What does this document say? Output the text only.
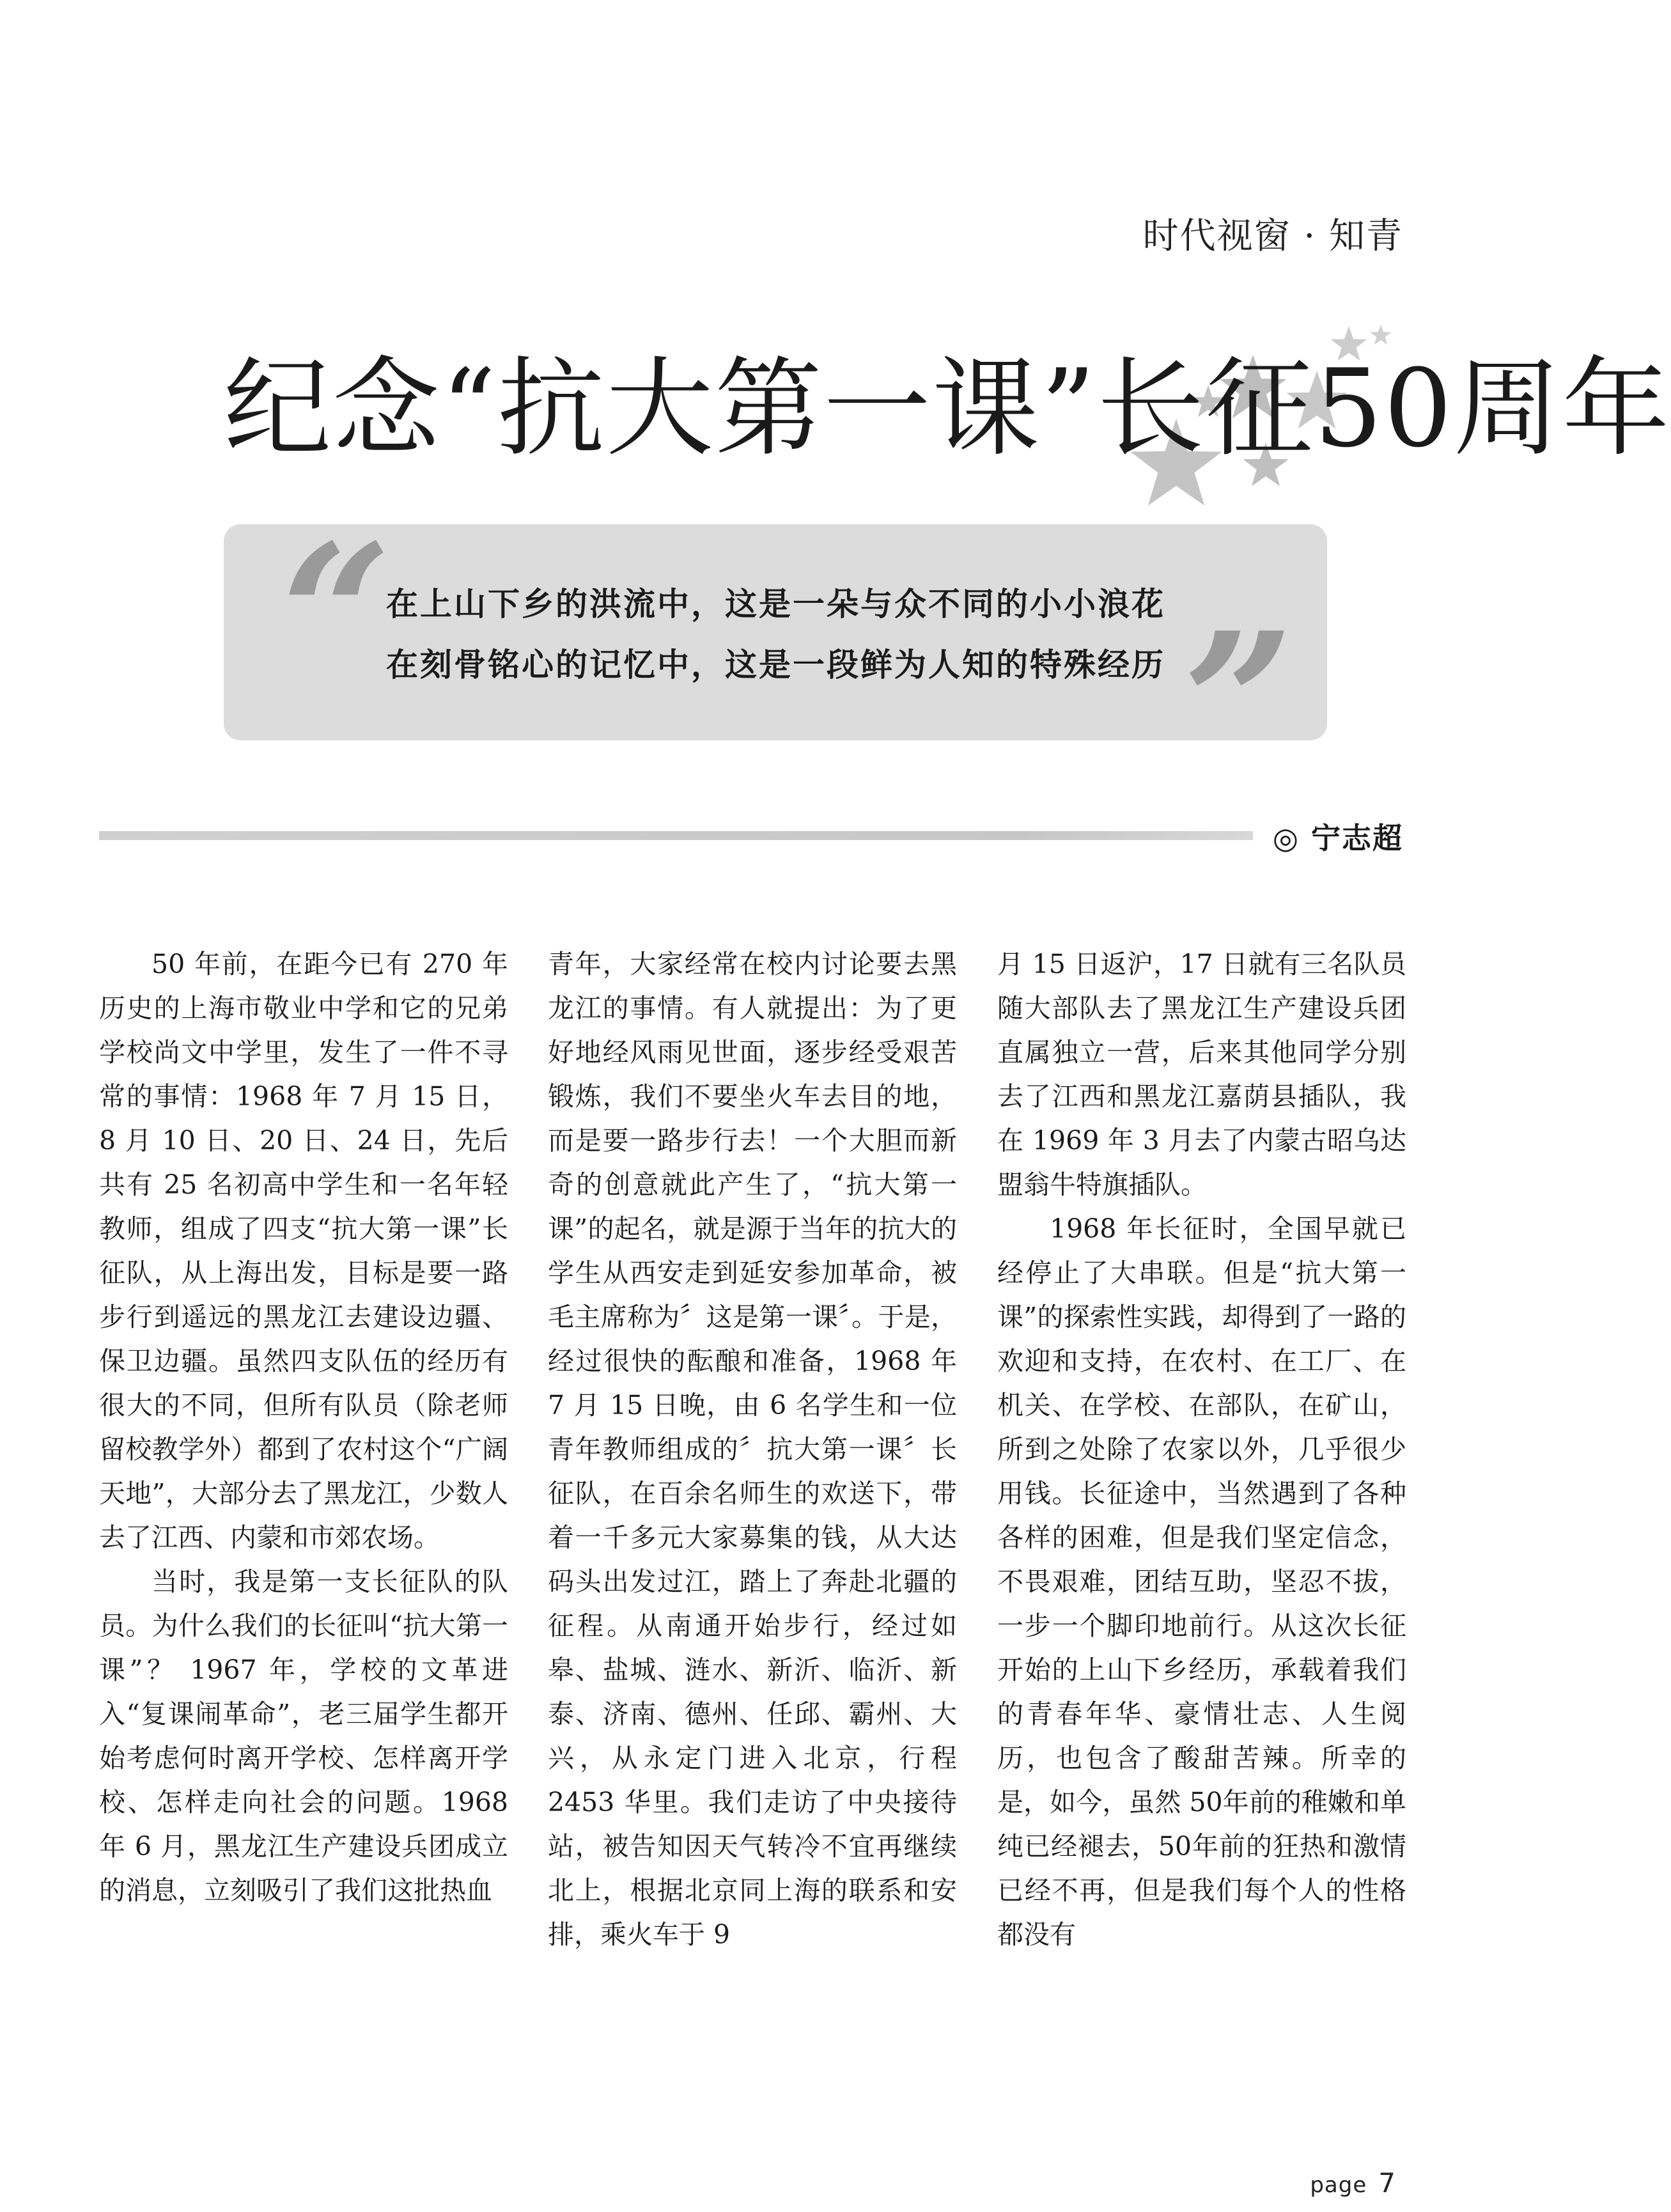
时代视窗 · 知青
纪念“抗大第一课”长征50周年
“
在上山下乡的洪流中，这是一朵与众不同的小小浪花
在刻骨铭心的记忆中，这是一段鲜为人知的特殊经历 ”
◎ 宁志超

50 年前，在距今已有 270 年历史的上海市敬业中学和它的兄弟学校尚文中学里，发生了一件不寻常的事情：1968 年 7 月 15 日，8 月 10 日、20 日、24 日，先后共有 25 名初高中学生和一名年轻教师，组成了四支“抗大第一课”长征队，从上海出发，目标是要一路步行到遥远的黑龙江去建设边疆、保卫边疆。虽然四支队伍的经历有很大的不同，但所有队员（除老师留校教学外）都到了农村这个“广阔天地”，大部分去了黑龙江，少数人去了江西、内蒙和市郊农场。

当时，我是第一支长征队的队员。为什么我们的长征叫“抗大第一课”？ 1967 年，学校的文革进入“复课闹革命”，老三届学生都开始考虑何时离开学校、怎样离开学校、怎样走向社会的问题。1968 年 6 月，黑龙江生产建设兵团成立的消息，立刻吸引了我们这批热血

青年，大家经常在校内讨论要去黑龙江的事情。有人就提出：为了更好地经风雨见世面，逐步经受艰苦锻炼，我们不要坐火车去目的地，而是要一路步行去！一个大胆而新奇的创意就此产生了，“抗大第一课”的起名，就是源于当年的抗大的学生从西安走到延安参加革命，被毛主席称为〞这是第一课〞。于是，经过很快的酝酿和准备，1968 年 7 月 15 日晚，由 6 名学生和一位青年教师组成的〞抗大第一课〞长征队，在百余名师生的欢送下，带着一千多元大家募集的钱，从大达码头出发过江，踏上了奔赴北疆的征程。从南通开始步行，经过如皋、盐城、涟水、新沂、临沂、新泰、济南、德州、任邱、霸州、大兴，从永定门进入北京，行程 2453 华里。我们走访了中央接待站，被告知因天气转冷不宜再继续北上，根据北京同上海的联系和安排，乘火车于 9

月 15 日返沪，17 日就有三名队员随大部队去了黑龙江生产建设兵团直属独立一营，后来其他同学分别去了江西和黑龙江嘉荫县插队，我在 1969 年 3 月去了内蒙古昭乌达盟翁牛特旗插队。

1968 年长征时，全国早就已经停止了大串联。但是“抗大第一课”的探索性实践，却得到了一路的欢迎和支持，在农村、在工厂、在机关、在学校、在部队，在矿山，所到之处除了农家以外，几乎很少用钱。长征途中，当然遇到了各种各样的困难，但是我们坚定信念，不畏艰难，团结互助，坚忍不拔，一步一个脚印地前行。从这次长征开始的上山下乡经历，承载着我们的青春年华、豪情壮志、人生阅历，也包含了酸甜苦辣。所幸的是，如今，虽然 50年前的稚嫩和单纯已经褪去，50年前的狂热和激情已经不再，但是我们每个人的性格都没有

page 7
